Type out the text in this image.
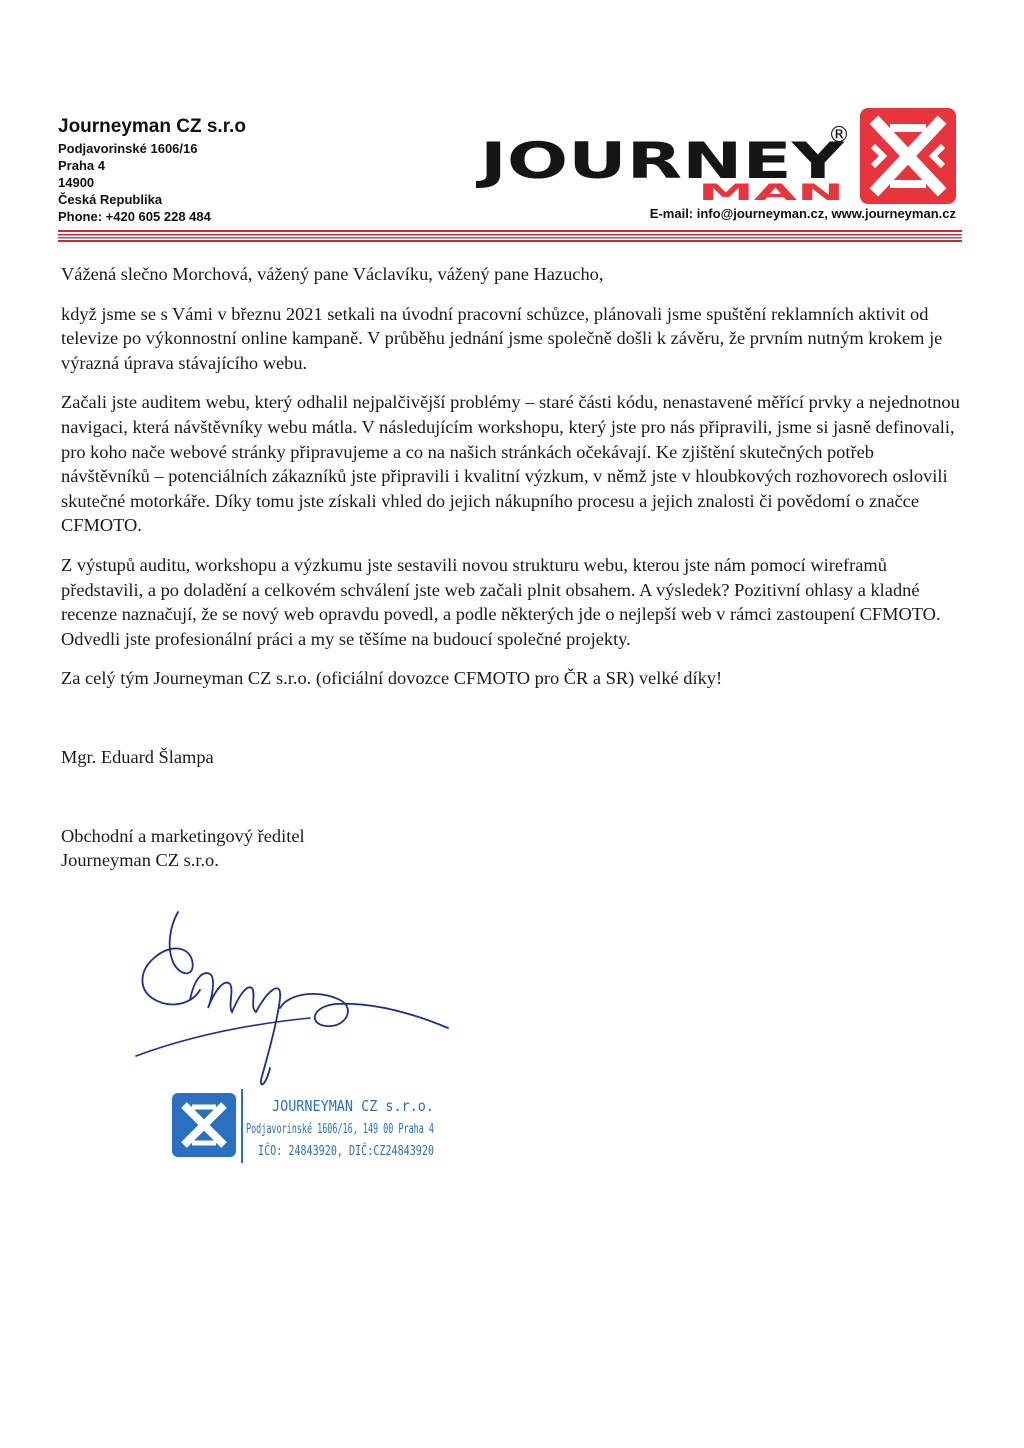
Journeyman CZ s.r.o
Podjavorinské 1606/16
Praha 4
14900
Česká Republika
Phone: +420 605 228 484
JOURNEY
MAN
®
E-mail: info@journeyman.cz, www.journeyman.cz

Vážená slečno Morchová, vážený pane Václavíku, vážený pane Hazucho,

když jsme se s Vámi v březnu 2021 setkali na úvodní pracovní schůzce, plánovali jsme spuštění reklamních aktivit od televize po výkonnostní online kampaně. V průběhu jednání jsme společně došli k závěru, že prvním nutným krokem je výrazná úprava stávajícího webu.

Začali jste auditem webu, který odhalil nejpalčivější problémy – staré části kódu, nenastavené měřící prvky a nejednotnou navigaci, která návštěvníky webu mátla. V následujícím workshopu, který jste pro nás připravili, jsme si jasně definovali, pro koho nače webové stránky připravujeme a co na našich stránkách očekávají. Ke zjištění skutečných potřeb návštěvníků – potenciálních zákazníků jste připravili i kvalitní výzkum, v němž jste v hloubkových rozhovorech oslovili skutečné motorkáře. Díky tomu jste získali vhled do jejich nákupního procesu a jejich znalosti či povědomí o značce CFMOTO.

Z výstupů auditu, workshopu a výzkumu jste sestavili novou strukturu webu, kterou jste nám pomocí wireframů představili, a po doladění a celkovém schválení jste web začali plnit obsahem. A výsledek? Pozitivní ohlasy a kladné recenze naznačují, že se nový web opravdu povedl, a podle některých jde o nejlepší web v rámci zastoupení CFMOTO. Odvedli jste profesionální práci a my se těšíme na budoucí společné projekty.

Za celý tým Journeyman CZ s.r.o. (oficiální dovozce CFMOTO pro ČR a SR) velké díky!

Mgr. Eduard Šlampa

Obchodní a marketingový ředitel

Journeyman CZ s.r.o.

JOURNEYMAN CZ s.r.o.
Podjavorinské 1606/16, 149 00 Praha 4
IČO: 24843920, DIČ:CZ24843920
